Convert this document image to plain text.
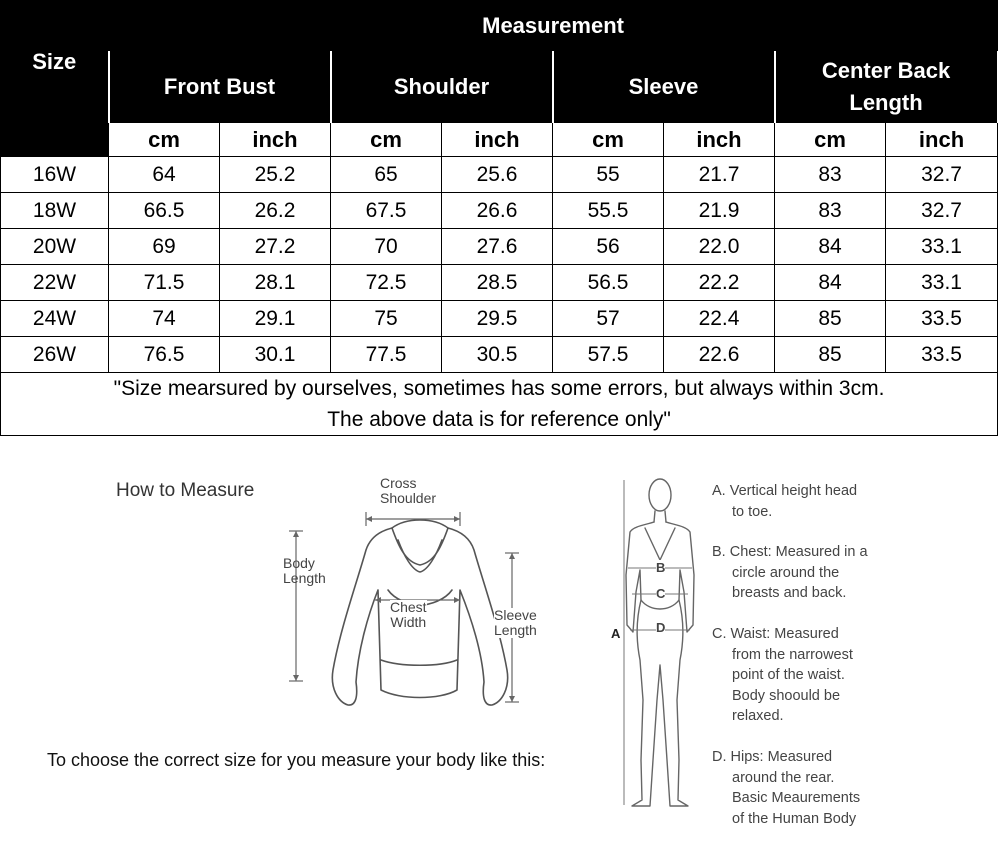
Size	Measurement							
	Front Bust		Shoulder		Sleeve		Center Back Length	
	cm	inch	cm	inch	cm	inch	cm	inch
16W	64	25.2	65	25.6	55	21.7	83	32.7
18W	66.5	26.2	67.5	26.6	55.5	21.9	83	32.7
20W	69	27.2	70	27.6	56	22.0	84	33.1
22W	71.5	28.1	72.5	28.5	56.5	22.2	84	33.1
24W	74	29.1	75	29.5	57	22.4	85	33.5
26W	76.5	30.1	77.5	30.5	57.5	22.6	85	33.5

"Size mearsured by ourselves, sometimes has some errors, but always within 3cm.
The above data is for reference only"								
How to Measure
To choose the correct size for you measure your body like this:
Cross
Shoulder
Body
Length
Chest
Width	Sleeve
Length
B
C
D
A
A. Vertical height head
to toe.
B. Chest: Measured in a
circle around the
breasts and back.
C. Waist: Measured
from the narrowest
point of the waist.
Body shoould be
relaxed.
D. Hips: Measured
around the rear.
Basic Meaurements
of the Human Body
